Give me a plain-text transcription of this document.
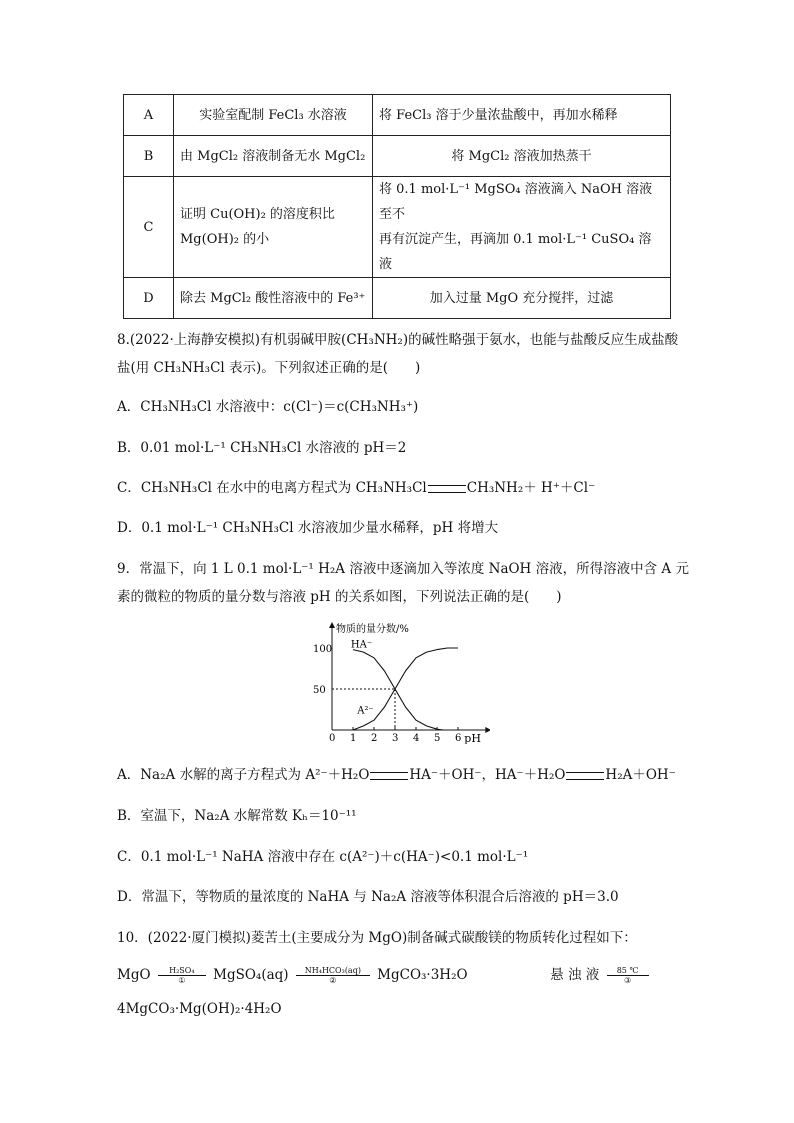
A	实验室配制 FeCl₃ 水溶液	将 FeCl₃ 溶于少量浓盐酸中，再加水稀释
B	由 MgCl₂ 溶液制备无水 MgCl₂	将 MgCl₂ 溶液加热蒸干
C	证明 Cu(OH)₂ 的溶度积比 Mg(OH)₂ 的小	将 0.1 mol·L⁻¹ MgSO₄ 溶液滴入 NaOH 溶液至不
再有沉淀产生，再滴加 0.1 mol·L⁻¹ CuSO₄ 溶液

D	除去 MgCl₂ 酸性溶液中的 Fe³⁺	加入过量 MgO 充分搅拌，过滤
8.(2022·上海静安模拟)有机弱碱甲胺(CH₃NH₂)的碱性略强于氨水，也能与盐酸反应生成盐酸
盐(用 CH₃NH₃Cl 表示)。下列叙述正确的是(　　)
A．CH₃NH₃Cl 水溶液中：c(Cl⁻)＝c(CH₃NH₃⁺)
B．0.01 mol·L⁻¹ CH₃NH₃Cl 水溶液的 pH＝2
C．CH₃NH₃Cl 在水中的电离方程式为 CH₃NH₃Cl	CH₃NH₂＋ H⁺＋Cl⁻
D．0.1 mol·L⁻¹ CH₃NH₃Cl 水溶液加少量水稀释，pH 将增大
9．常温下，向 1 L 0.1 mol·L⁻¹ H₂A 溶液中逐滴加入等浓度 NaOH 溶液，所得溶液中含 A 元
素的微粒的物质的量分数与溶液 pH 的关系如图，下列说法正确的是(　　)
0 1 2 3 4 5 6
50
100
物质的量分数/%
pH
HA⁻
A²⁻
A．Na₂A 水解的离子方程式为 A²⁻＋H₂O	HA⁻＋OH⁻，HA⁻＋H₂O	H₂A＋OH⁻
B．室温下，Na₂A 水解常数 Kₕ＝10⁻¹¹
C．0.1 mol·L⁻¹ NaHA 溶液中存在 c(A²⁻)＋c(HA⁻)<0.1 mol·L⁻¹
D．常温下，等物质的量浓度的 NaHA 与 Na₂A 溶液等体积混合后溶液的 pH＝3.0
10．(2022·厦门模拟)菱苦土(主要成分为 MgO)制备碱式碳酸镁的物质转化过程如下：
MgO	H₂SO₄
①	MgSO₄(aq)	NH₄HCO₃(aq)
②	MgCO₃·3H₂O	悬 浊 液	85 ℃
③
4MgCO₃·Mg(OH)₂·4H₂O
